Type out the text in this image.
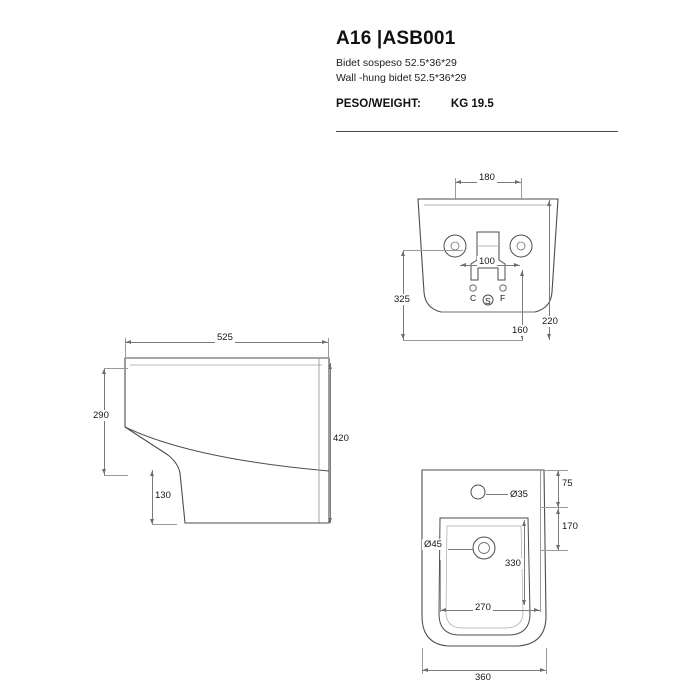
A16 |ASB001
Bidet sospeso 52.5*36*29
Wall -hung bidet 52.5*36*29
PESO/WEIGHT:	KG 19.5
C	F
S
180
100
325
160
220
525
290
420
130	Ø35
Ø45
75
170
330
270
360
